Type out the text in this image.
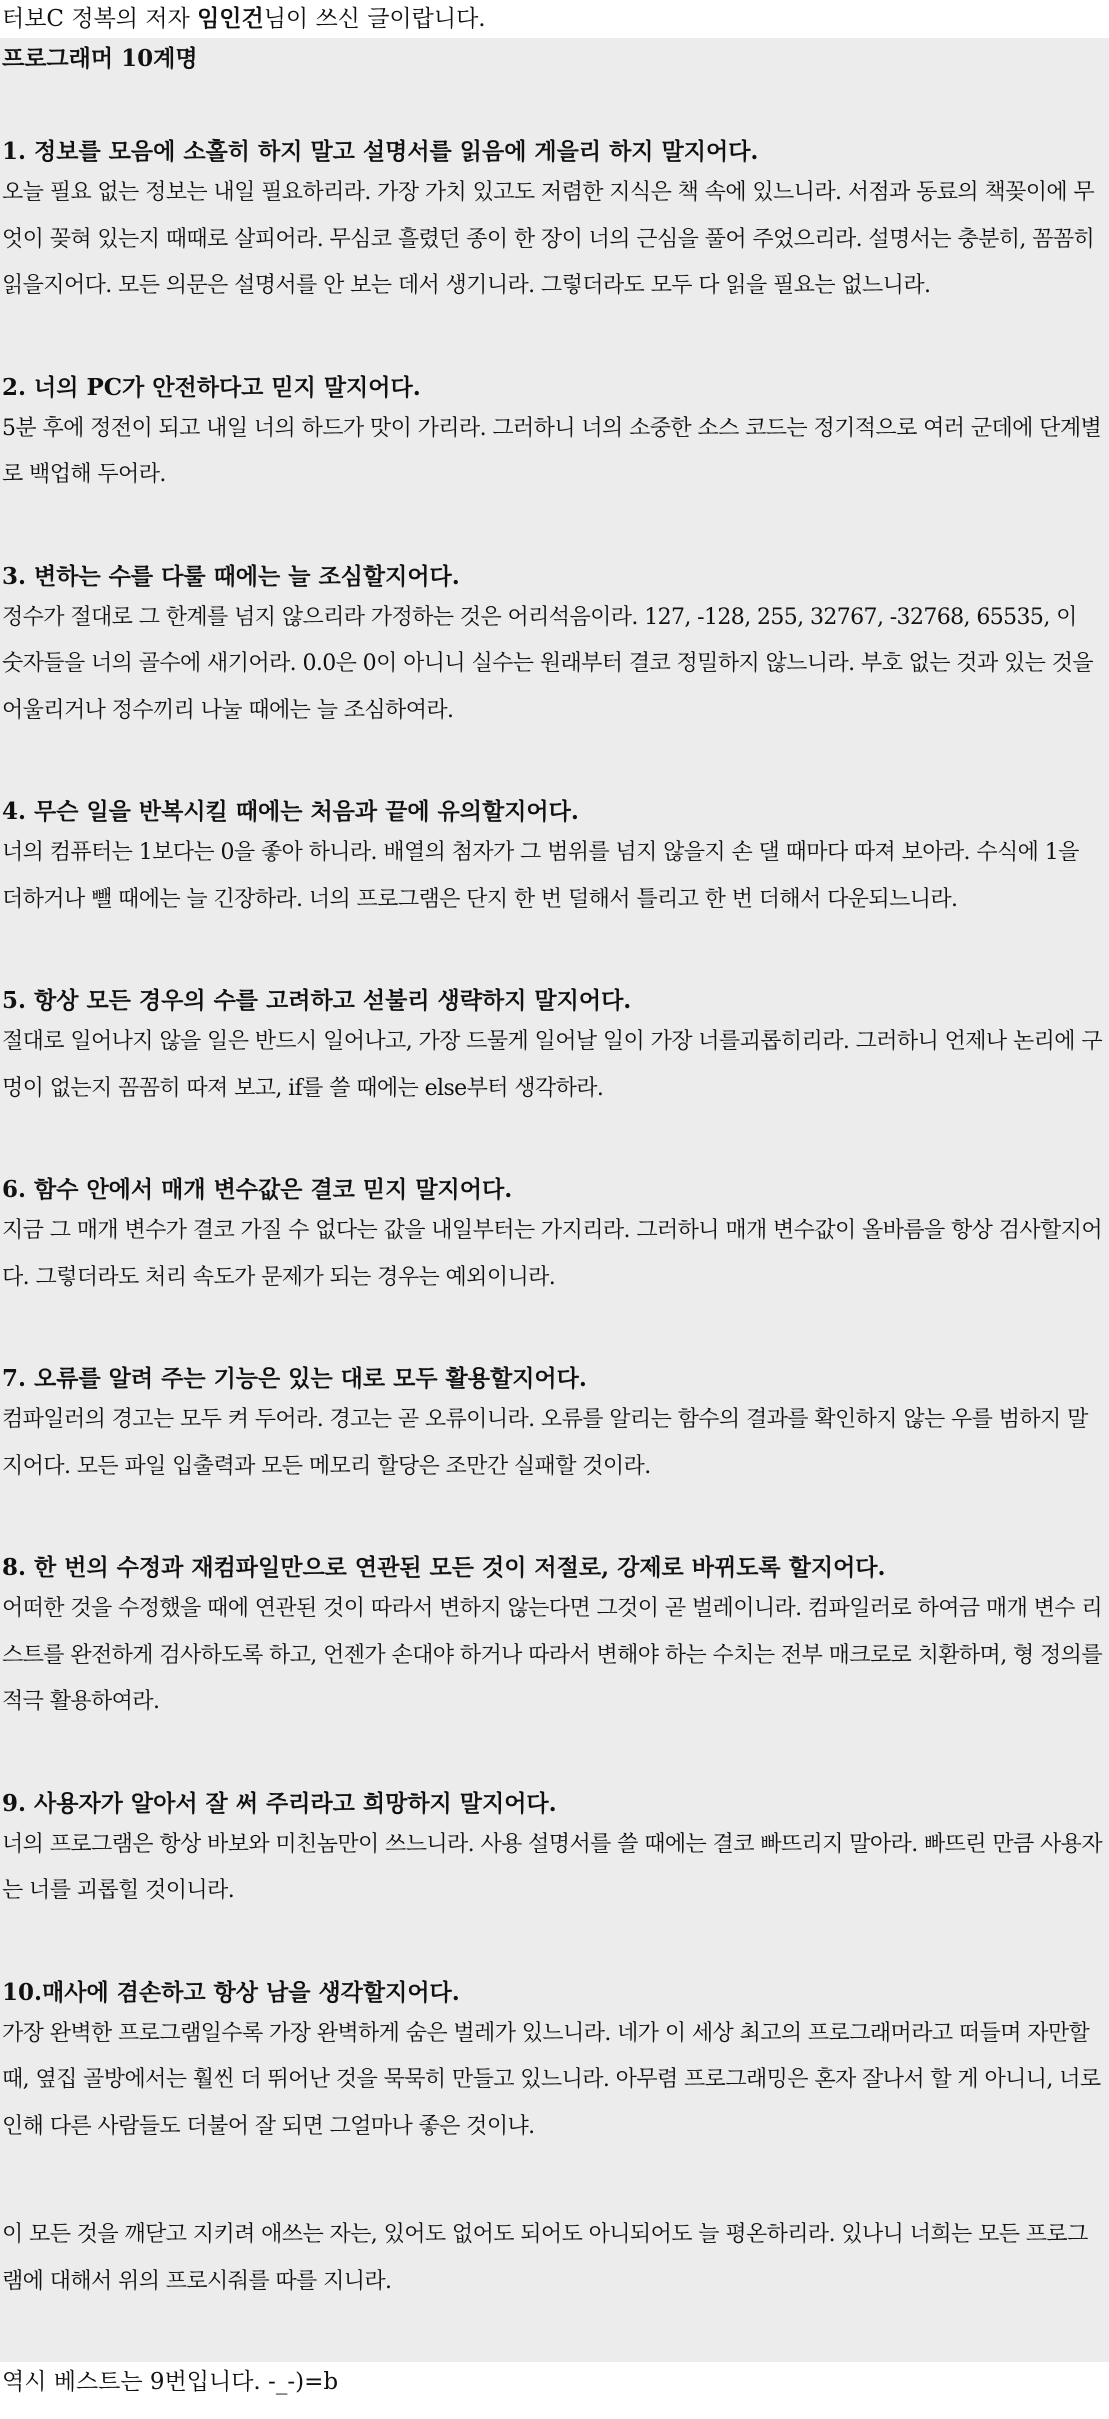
터보C 정복의 저자 임인건님이 쓰신 글이랍니다.
프로그래머 10계명
1. 정보를 모음에 소홀히 하지 말고 설명서를 읽음에 게을리 하지 말지어다.
오늘 필요 없는 정보는 내일 필요하리라. 가장 가치 있고도 저렴한 지식은 책 속에 있느니라. 서점과 동료의 책꽂이에 무엇이 꽂혀 있는지 때때로 살피어라. 무심코 흘렸던 종이 한 장이 너의 근심을 풀어 주었으리라. 설명서는 충분히, 꼼꼼히 읽을지어다. 모든 의문은 설명서를 안 보는 데서 생기니라. 그렇더라도 모두 다 읽을 필요는 없느니라.
2. 너의 PC가 안전하다고 믿지 말지어다.
5분 후에 정전이 되고 내일 너의 하드가 맛이 가리라. 그러하니 너의 소중한 소스 코드는 정기적으로 여러 군데에 단계별로 백업해 두어라.
3. 변하는 수를 다룰 때에는 늘 조심할지어다.
정수가 절대로 그 한계를 넘지 않으리라 가정하는 것은 어리석음이라. 127, -128, 255, 32767, -32768, 65535, 이 숫자들을 너의 골수에 새기어라. 0.0은 0이 아니니 실수는 원래부터 결코 정밀하지 않느니라. 부호 없는 것과 있는 것을 어울리거나 정수끼리 나눌 때에는 늘 조심하여라.
4. 무슨 일을 반복시킬 때에는 처음과 끝에 유의할지어다.
너의 컴퓨터는 1보다는 0을 좋아 하니라. 배열의 첨자가 그 범위를 넘지 않을지 손 댈 때마다 따져 보아라. 수식에 1을 더하거나 뺄 때에는 늘 긴장하라. 너의 프로그램은 단지 한 번 덜해서 틀리고 한 번 더해서 다운되느니라.
5. 항상 모든 경우의 수를 고려하고 섣불리 생략하지 말지어다.
절대로 일어나지 않을 일은 반드시 일어나고, 가장 드물게 일어날 일이 가장 너를괴롭히리라. 그러하니 언제나 논리에 구멍이 없는지 꼼꼼히 따져 보고, if를 쓸 때에는 else부터 생각하라.
6. 함수 안에서 매개 변수값은 결코 믿지 말지어다.
지금 그 매개 변수가 결코 가질 수 없다는 값을 내일부터는 가지리라. 그러하니 매개 변수값이 올바름을 항상 검사할지어다. 그렇더라도 처리 속도가 문제가 되는 경우는 예외이니라.
7. 오류를 알려 주는 기능은 있는 대로 모두 활용할지어다.
컴파일러의 경고는 모두 켜 두어라. 경고는 곧 오류이니라. 오류를 알리는 함수의 결과를 확인하지 않는 우를 범하지 말지어다. 모든 파일 입출력과 모든 메모리 할당은 조만간 실패할 것이라.
8. 한 번의 수정과 재컴파일만으로 연관된 모든 것이 저절로, 강제로 바뀌도록 할지어다.
어떠한 것을 수정했을 때에 연관된 것이 따라서 변하지 않는다면 그것이 곧 벌레이니라. 컴파일러로 하여금 매개 변수 리스트를 완전하게 검사하도록 하고, 언젠가 손대야 하거나 따라서 변해야 하는 수치는 전부 매크로로 치환하며, 형 정의를 적극 활용하여라.
9. 사용자가 알아서 잘 써 주리라고 희망하지 말지어다.
너의 프로그램은 항상 바보와 미친놈만이 쓰느니라. 사용 설명서를 쓸 때에는 결코 빠뜨리지 말아라. 빠뜨린 만큼 사용자는 너를 괴롭힐 것이니라.
10.매사에 겸손하고 항상 남을 생각할지어다.
가장 완벽한 프로그램일수록 가장 완벽하게 숨은 벌레가 있느니라. 네가 이 세상 최고의 프로그래머라고 떠들며 자만할 때, 옆집 골방에서는 훨씬 더 뛰어난 것을 묵묵히 만들고 있느니라. 아무렴 프로그래밍은 혼자 잘나서 할 게 아니니, 너로 인해 다른 사람들도 더불어 잘 되면 그얼마나 좋은 것이냐.
이 모든 것을 깨닫고 지키려 애쓰는 자는, 있어도 없어도 되어도 아니되어도 늘 평온하리라. 있나니 너희는 모든 프로그램에 대해서 위의 프로시줘를 따를 지니라.
역시 베스트는 9번입니다. -_-)=b
